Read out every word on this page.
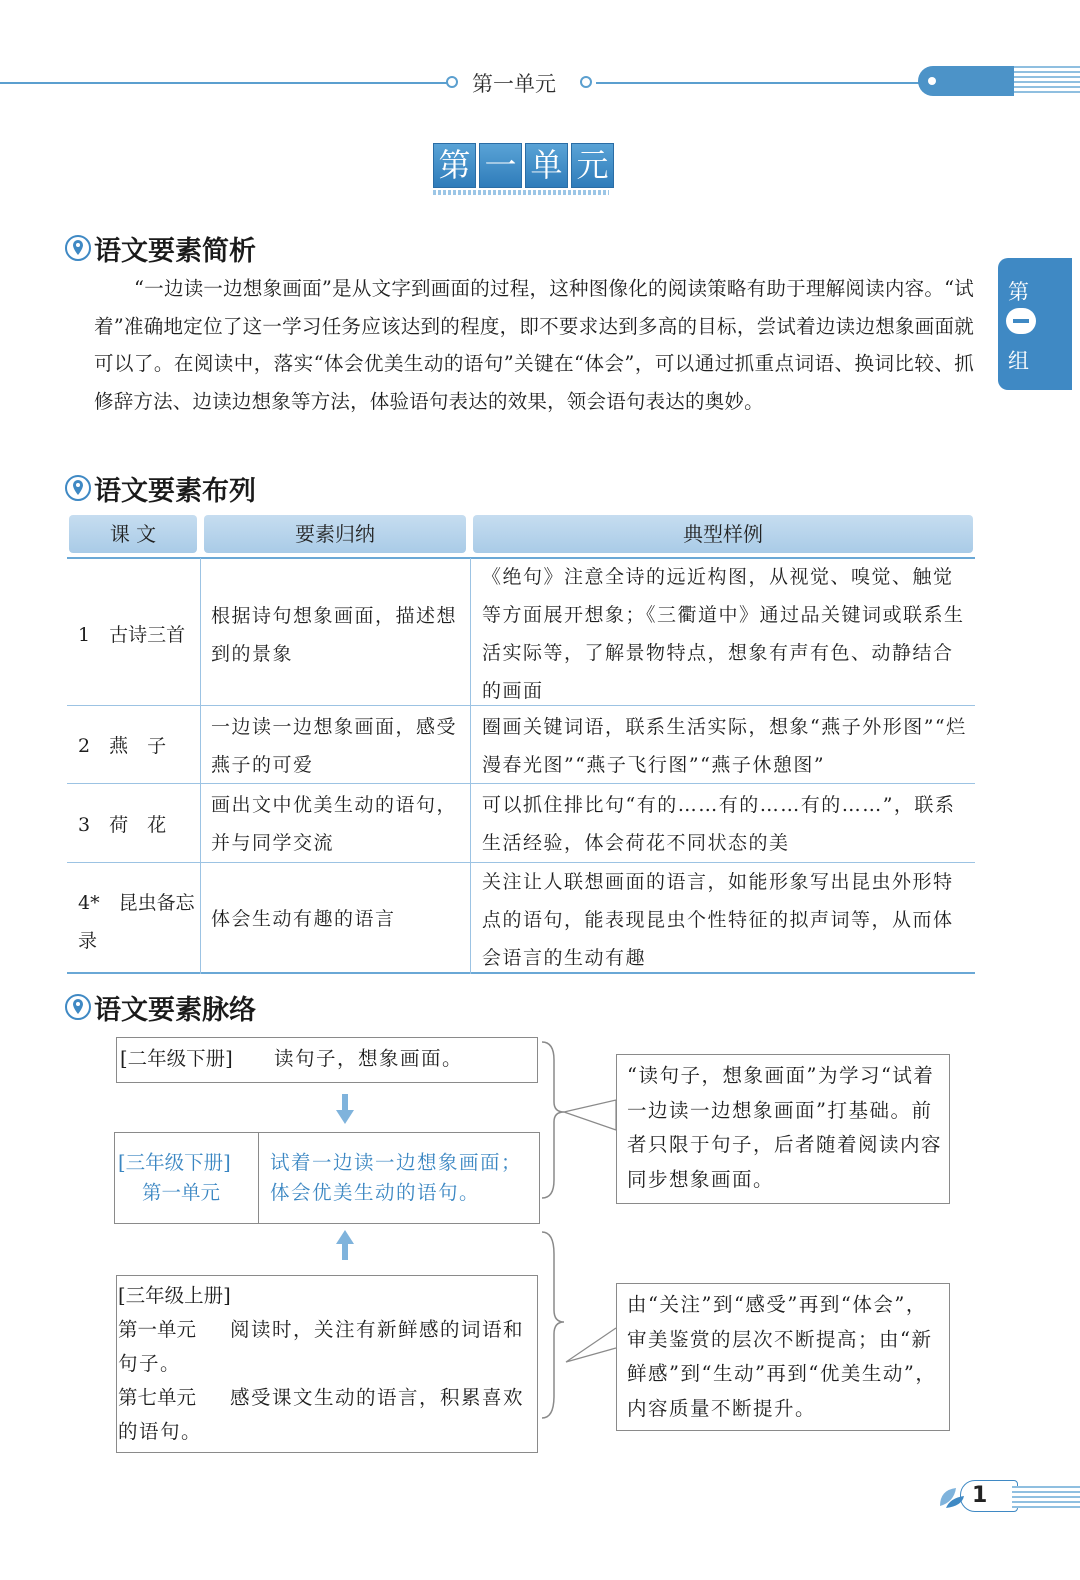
第一单元
第 一 单 元
第
组
语文要素简析

“一边读一边想象画面”是从文字到画面的过程，这种图像化的阅读策略有助于理解阅读内容。“试着”准确地定位了这一学习任务应该达到的程度，即不要求达到多高的目标，尝试着边读边想象画面就可以了。在阅读中，落实“体会优美生动的语句”关键在“体会”，可以通过抓重点词语、换词比较、抓修辞方法、边读边想象等方法，体验语句表达的效果，领会语句表达的奥妙。

语文要素布列
课 文	要素归纳	典型样例

1　古诗三首

根据诗句想象画面，描述想到的景象

《绝句》注意全诗的远近构图，从视觉、嗅觉、触觉等方面展开想象；《三衢道中》通过品关键词或联系生活实际等，了解景物特点，想象有声有色、动静结合的画面

2　燕　子

一边读一边想象画面，感受燕子的可爱

圈画关键词语，联系生活实际，想象“燕子外形图”“烂漫春光图”“燕子飞行图”“燕子休憩图”

3　荷　花

画出文中优美生动的语句，并与同学交流

可以抓住排比句“有的……有的……有的……”，联系生活经验，体会荷花不同状态的美

4*　昆虫备忘录

体会生动有趣的语言

关注让人联想画面的语言，如能形象写出昆虫外形特点的语句，能表现昆虫个性特征的拟声词等，从而体会语言的生动有趣

语文要素脉络

[二年级下册] 读句子，想象画面。

[三年级下册]

第一单元

试着一边读一边想象画面；

体会优美生动的语句。

[三年级上册]

第一单元 阅读时，关注有新鲜感的词语和

句子。

第七单元 感受课文生动的语言，积累喜欢

的语句。

“读句子，想象画面”为学习“试着一边读一边想象画面”打基础。前者只限于句子，后者随着阅读内容同步想象画面。

由“关注”到“感受”再到“体会”，审美鉴赏的层次不断提高；由“新鲜感”到“生动”再到“优美生动”，内容质量不断提升。

1
